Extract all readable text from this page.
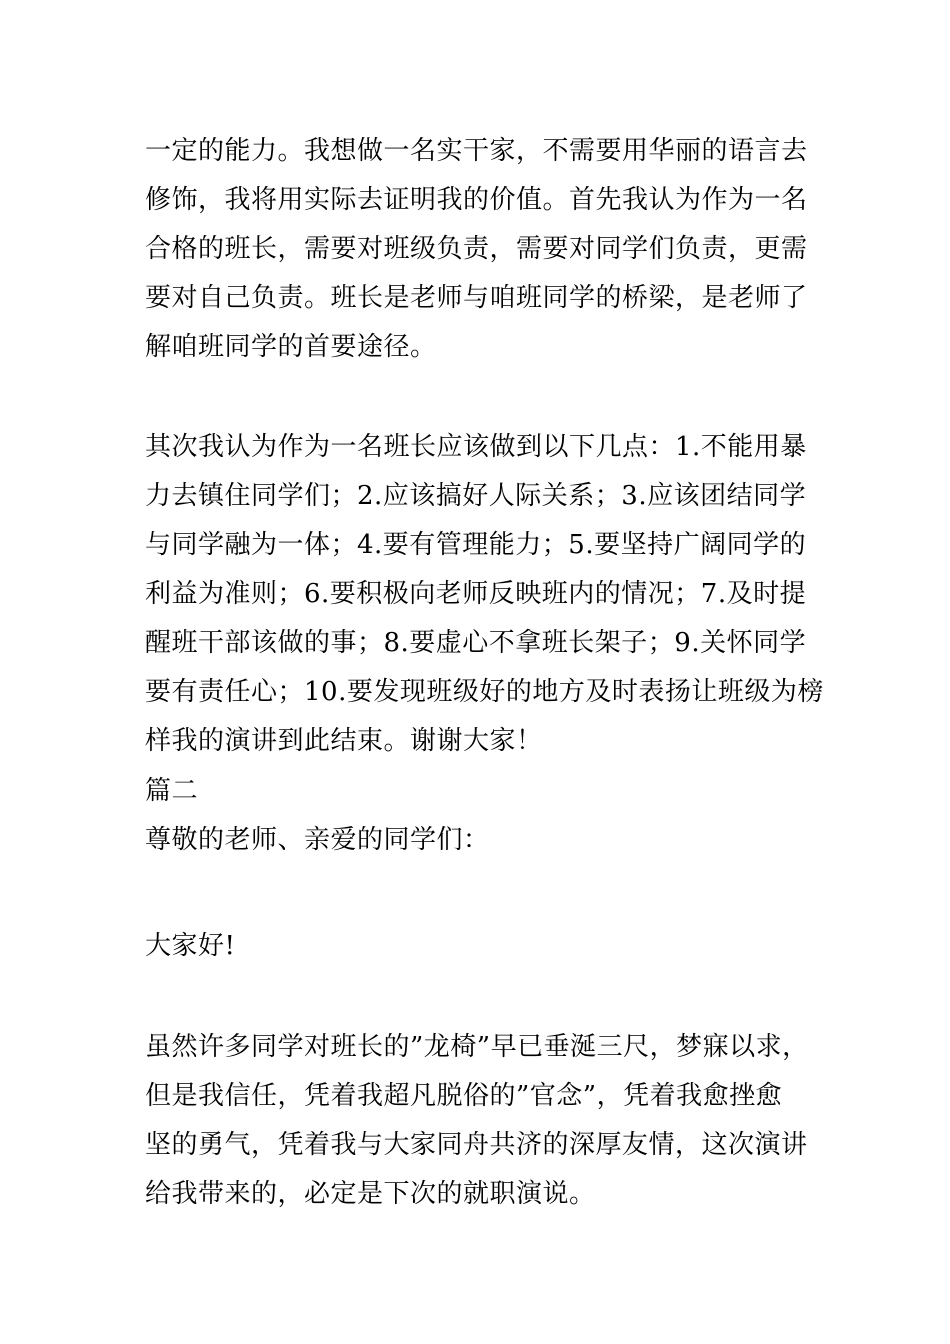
一定的能力。我想做一名实干家，不需要用华丽的语言去
修饰，我将用实际去证明我的价值。首先我认为作为一名
合格的班长，需要对班级负责，需要对同学们负责，更需
要对自己负责。班长是老师与咱班同学的桥梁，是老师了
解咱班同学的首要途径。
其次我认为作为一名班长应该做到以下几点：1.不能用暴
力去镇住同学们；2.应该搞好人际关系；3.应该团结同学
与同学融为一体；4.要有管理能力；5.要坚持广阔同学的
利益为准则；6.要积极向老师反映班内的情况；7.及时提
醒班干部该做的事；8.要虚心不拿班长架子；9.关怀同学
要有责任心；10.要发现班级好的地方及时表扬让班级为榜
样我的演讲到此结束。谢谢大家！
篇二
尊敬的老师、亲爱的同学们：
大家好!
虽然许多同学对班长的”龙椅”早已垂涎三尺，梦寐以求，
但是我信任，凭着我超凡脱俗的”官念”，凭着我愈挫愈
坚的勇气，凭着我与大家同舟共济的深厚友情，这次演讲
给我带来的，必定是下次的就职演说。
